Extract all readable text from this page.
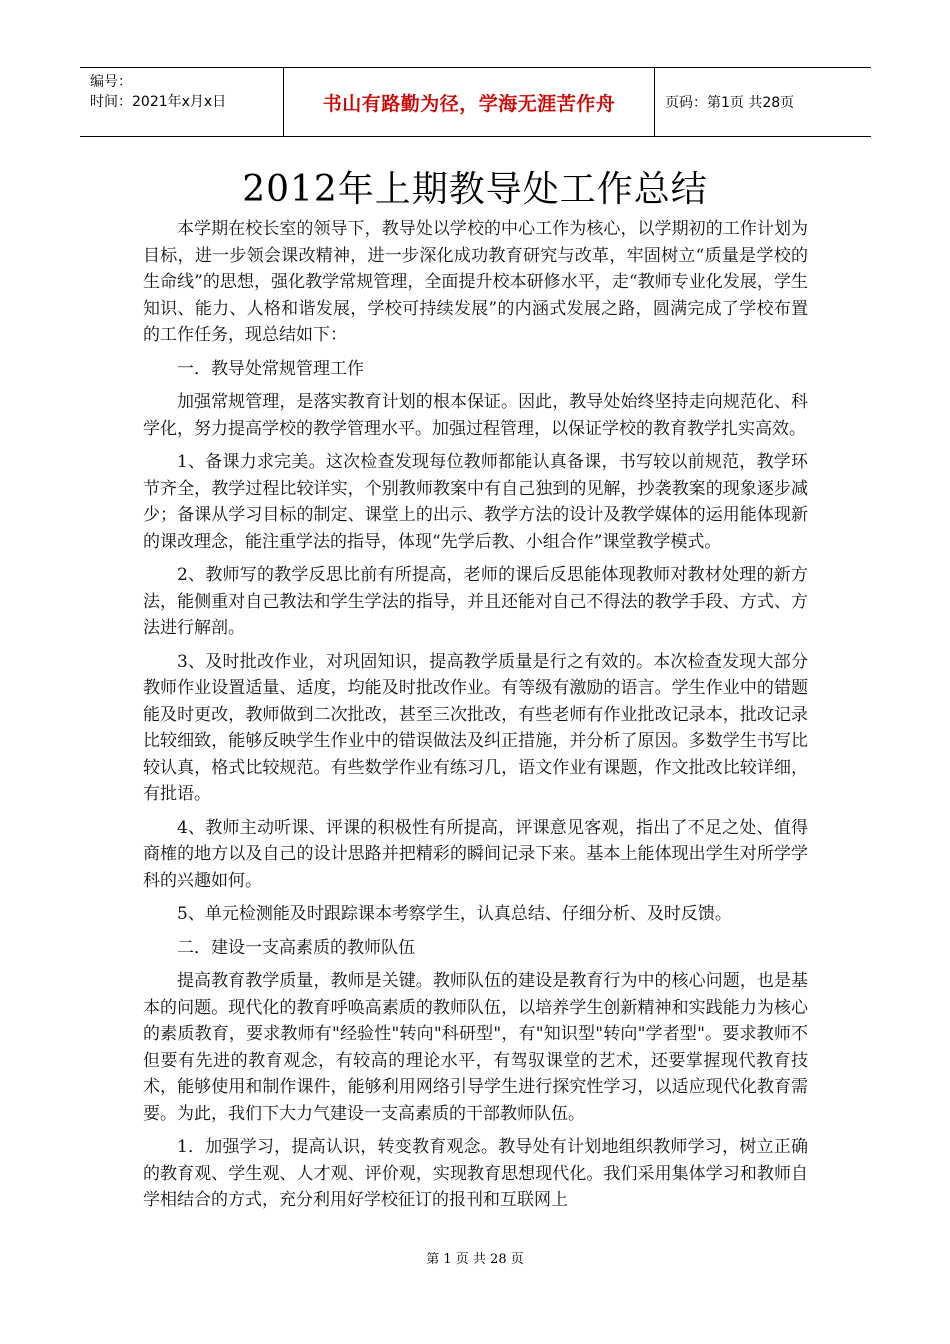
编号：
时间：2021年x月x日	书山有路勤为径，学海无涯苦作舟	页码：第1页 共28页
2012年上期教导处工作总结

本学期在校长室的领导下，教导处以学校的中心工作为核心，以学期初的工作计划为目标，进一步领会课改精神，进一步深化成功教育研究与改革，牢固树立“质量是学校的生命线”的思想，强化教学常规管理，全面提升校本研修水平，走“教师专业化发展，学生知识、能力、人格和谐发展，学校可持续发展”的内涵式发展之路，圆满完成了学校布置的工作任务，现总结如下：

一．教导处常规管理工作

加强常规管理，是落实教育计划的根本保证。因此，教导处始终坚持走向规范化、科学化，努力提高学校的教学管理水平。加强过程管理，以保证学校的教育教学扎实高效。

1、备课力求完美。这次检查发现每位教师都能认真备课，书写较以前规范，教学环节齐全，教学过程比较详实，个别教师教案中有自己独到的见解，抄袭教案的现象逐步减少；备课从学习目标的制定、课堂上的出示、教学方法的设计及教学媒体的运用能体现新的课改理念，能注重学法的指导，体现“先学后教、小组合作”课堂教学模式。

2、教师写的教学反思比前有所提高，老师的课后反思能体现教师对教材处理的新方法，能侧重对自己教法和学生学法的指导，并且还能对自己不得法的教学手段、方式、方法进行解剖。

3、及时批改作业，对巩固知识，提高教学质量是行之有效的。本次检查发现大部分教师作业设置适量、适度，均能及时批改作业。有等级有激励的语言。学生作业中的错题能及时更改，教师做到二次批改，甚至三次批改，有些老师有作业批改记录本，批改记录比较细致，能够反映学生作业中的错误做法及纠正措施，并分析了原因。多数学生书写比较认真，格式比较规范。有些数学作业有练习几，语文作业有课题，作文批改比较详细，有批语。

4、教师主动听课、评课的积极性有所提高，评课意见客观，指出了不足之处、值得商榷的地方以及自己的设计思路并把精彩的瞬间记录下来。基本上能体现出学生对所学学科的兴趣如何。

5、单元检测能及时跟踪课本考察学生，认真总结、仔细分析、及时反馈。

二．建设一支高素质的教师队伍

提高教育教学质量，教师是关键。教师队伍的建设是教育行为中的核心问题，也是基本的问题。现代化的教育呼唤高素质的教师队伍，以培养学生创新精神和实践能力为核心的素质教育，要求教师有"经验性"转向"科研型"，有"知识型"转向"学者型"。要求教师不但要有先进的教育观念，有较高的理论水平，有驾驭课堂的艺术，还要掌握现代教育技术，能够使用和制作课件，能够利用网络引导学生进行探究性学习，以适应现代化教育需要。为此，我们下大力气建设一支高素质的干部教师队伍。

1．加强学习，提高认识，转变教育观念。教导处有计划地组织教师学习，树立正确的教育观、学生观、人才观、评价观，实现教育思想现代化。我们采用集体学习和教师自学相结合的方式，充分利用好学校征订的报刊和互联网上

第 1 页 共 28 页
